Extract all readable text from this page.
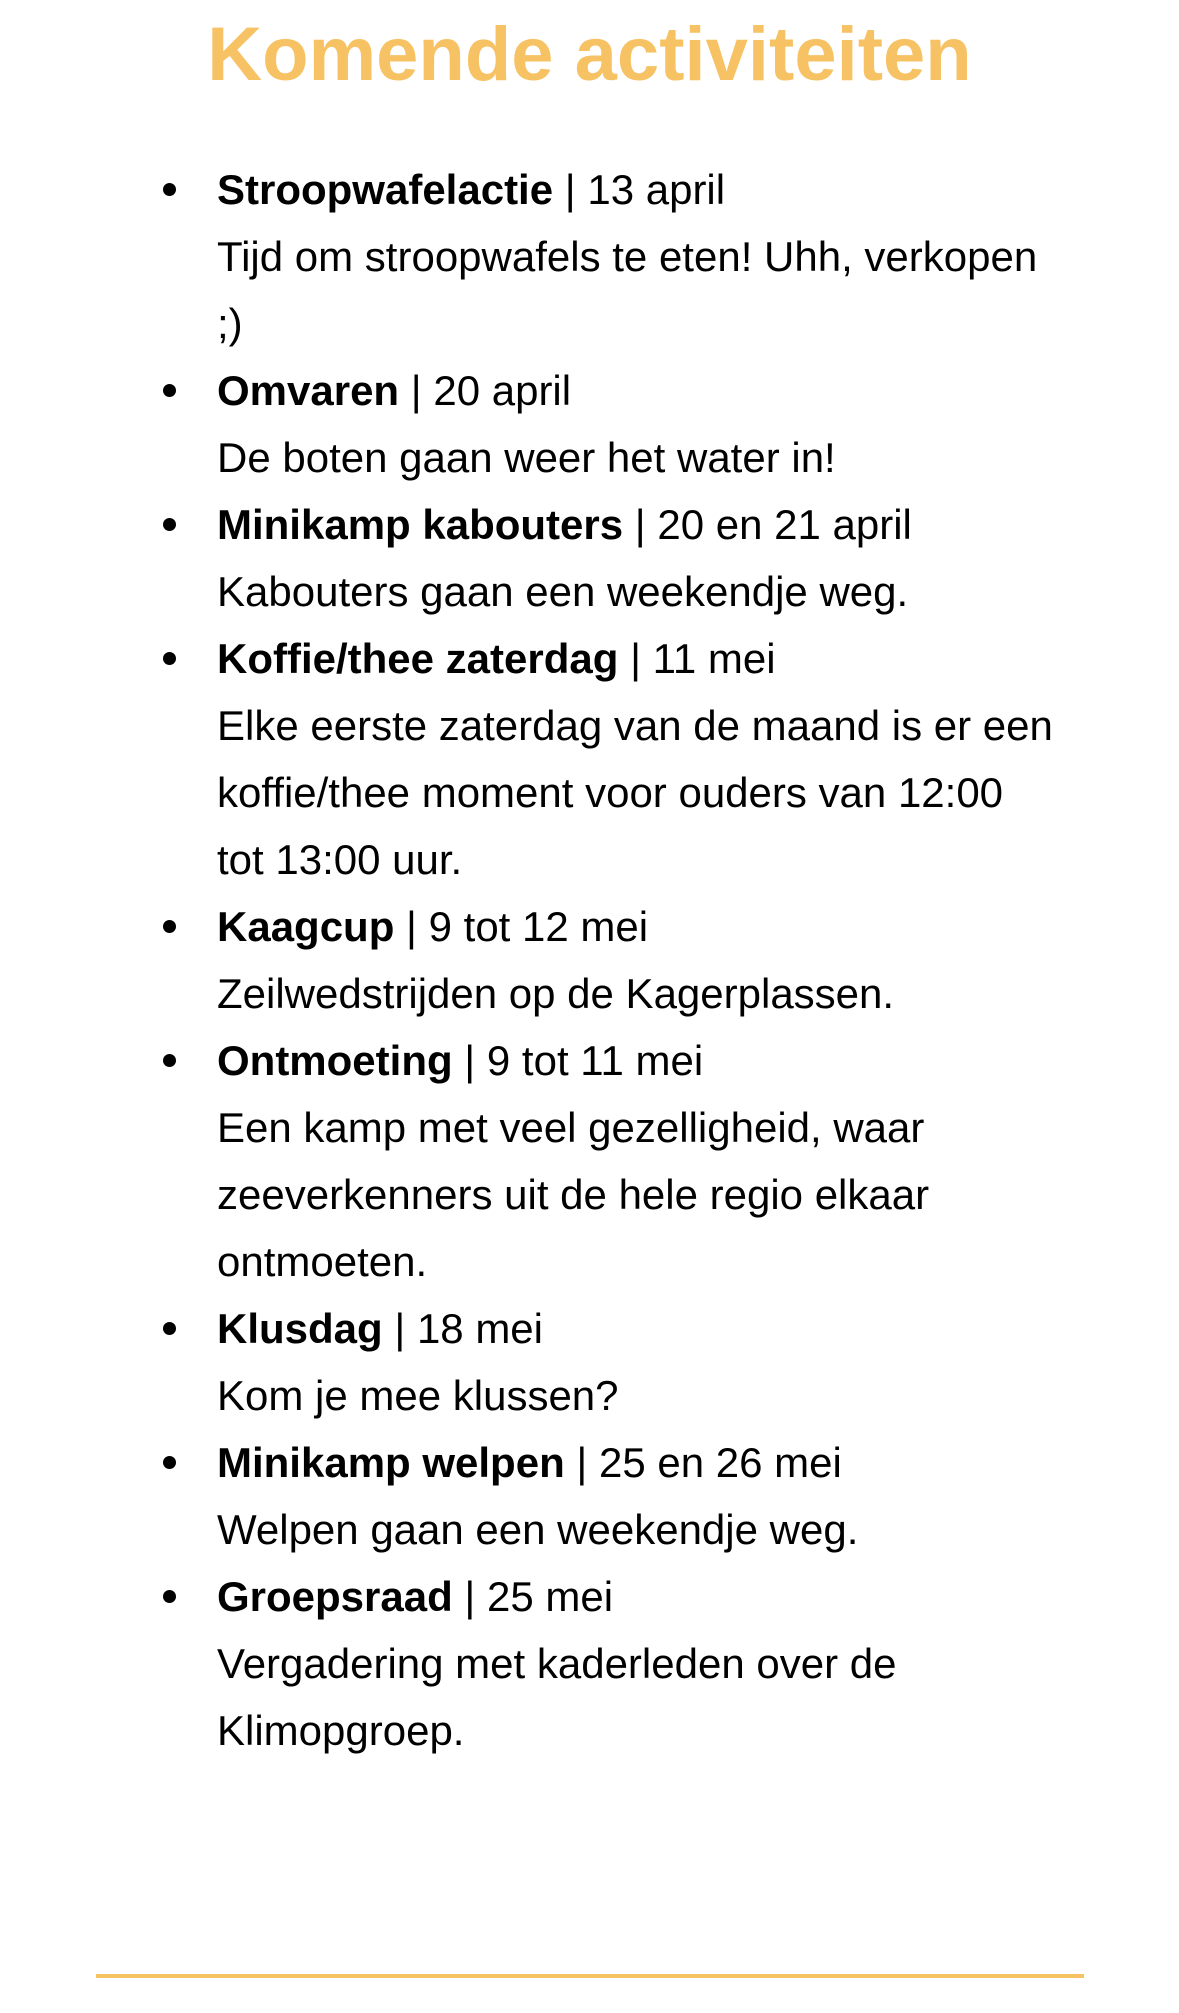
Komende activiteiten
Stroopwafelactie | 13 april
Tijd om stroopwafels te eten! Uhh, verkopen ;)
Omvaren | 20 april
De boten gaan weer het water in!
Minikamp kabouters | 20 en 21 april
Kabouters gaan een weekendje weg.
Koffie/thee zaterdag | 11 mei
Elke eerste zaterdag van de maand is er een koffie/thee moment voor ouders van 12:00 tot 13:00 uur.
Kaagcup | 9 tot 12 mei
Zeilwedstrijden op de Kagerplassen.
Ontmoeting | 9 tot 11 mei
Een kamp met veel gezelligheid, waar zeeverkenners uit de hele regio elkaar ontmoeten.
Klusdag | 18 mei
Kom je mee klussen?
Minikamp welpen | 25 en 26 mei
Welpen gaan een weekendje weg.
Groepsraad | 25 mei
Vergadering met kaderleden over de Klimopgroep.
